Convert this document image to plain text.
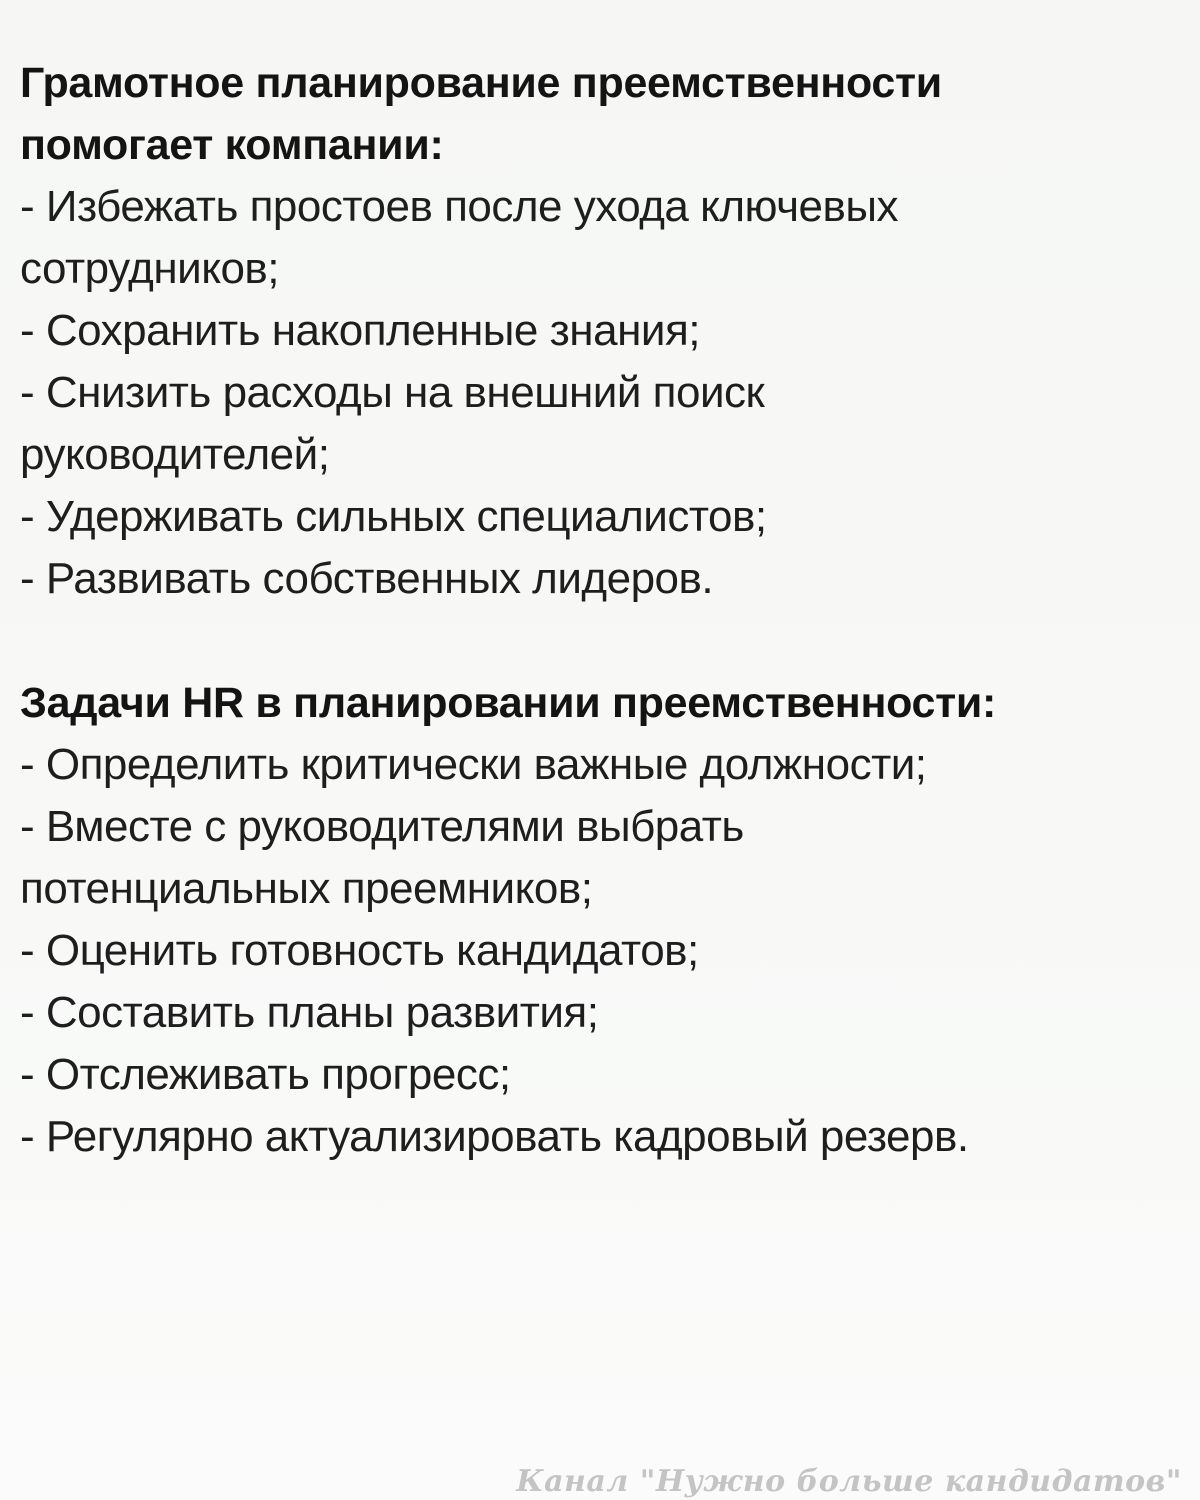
Грамотное планирование преемственности
помогает компании:
- Избежать простоев после ухода ключевых
сотрудников;
- Сохранить накопленные знания;
- Снизить расходы на внешний поиск
руководителей;
- Удерживать сильных специалистов;
- Развивать собственных лидеров.
Задачи HR в планировании преемственности:
- Определить критически важные должности;
- Вместе с руководителями выбрать
потенциальных преемников;
- Оценить готовность кандидатов;
- Составить планы развития;
- Отслеживать прогресс;
- Регулярно актуализировать кадровый резерв.
Канал "Нужно больше кандидатов"
